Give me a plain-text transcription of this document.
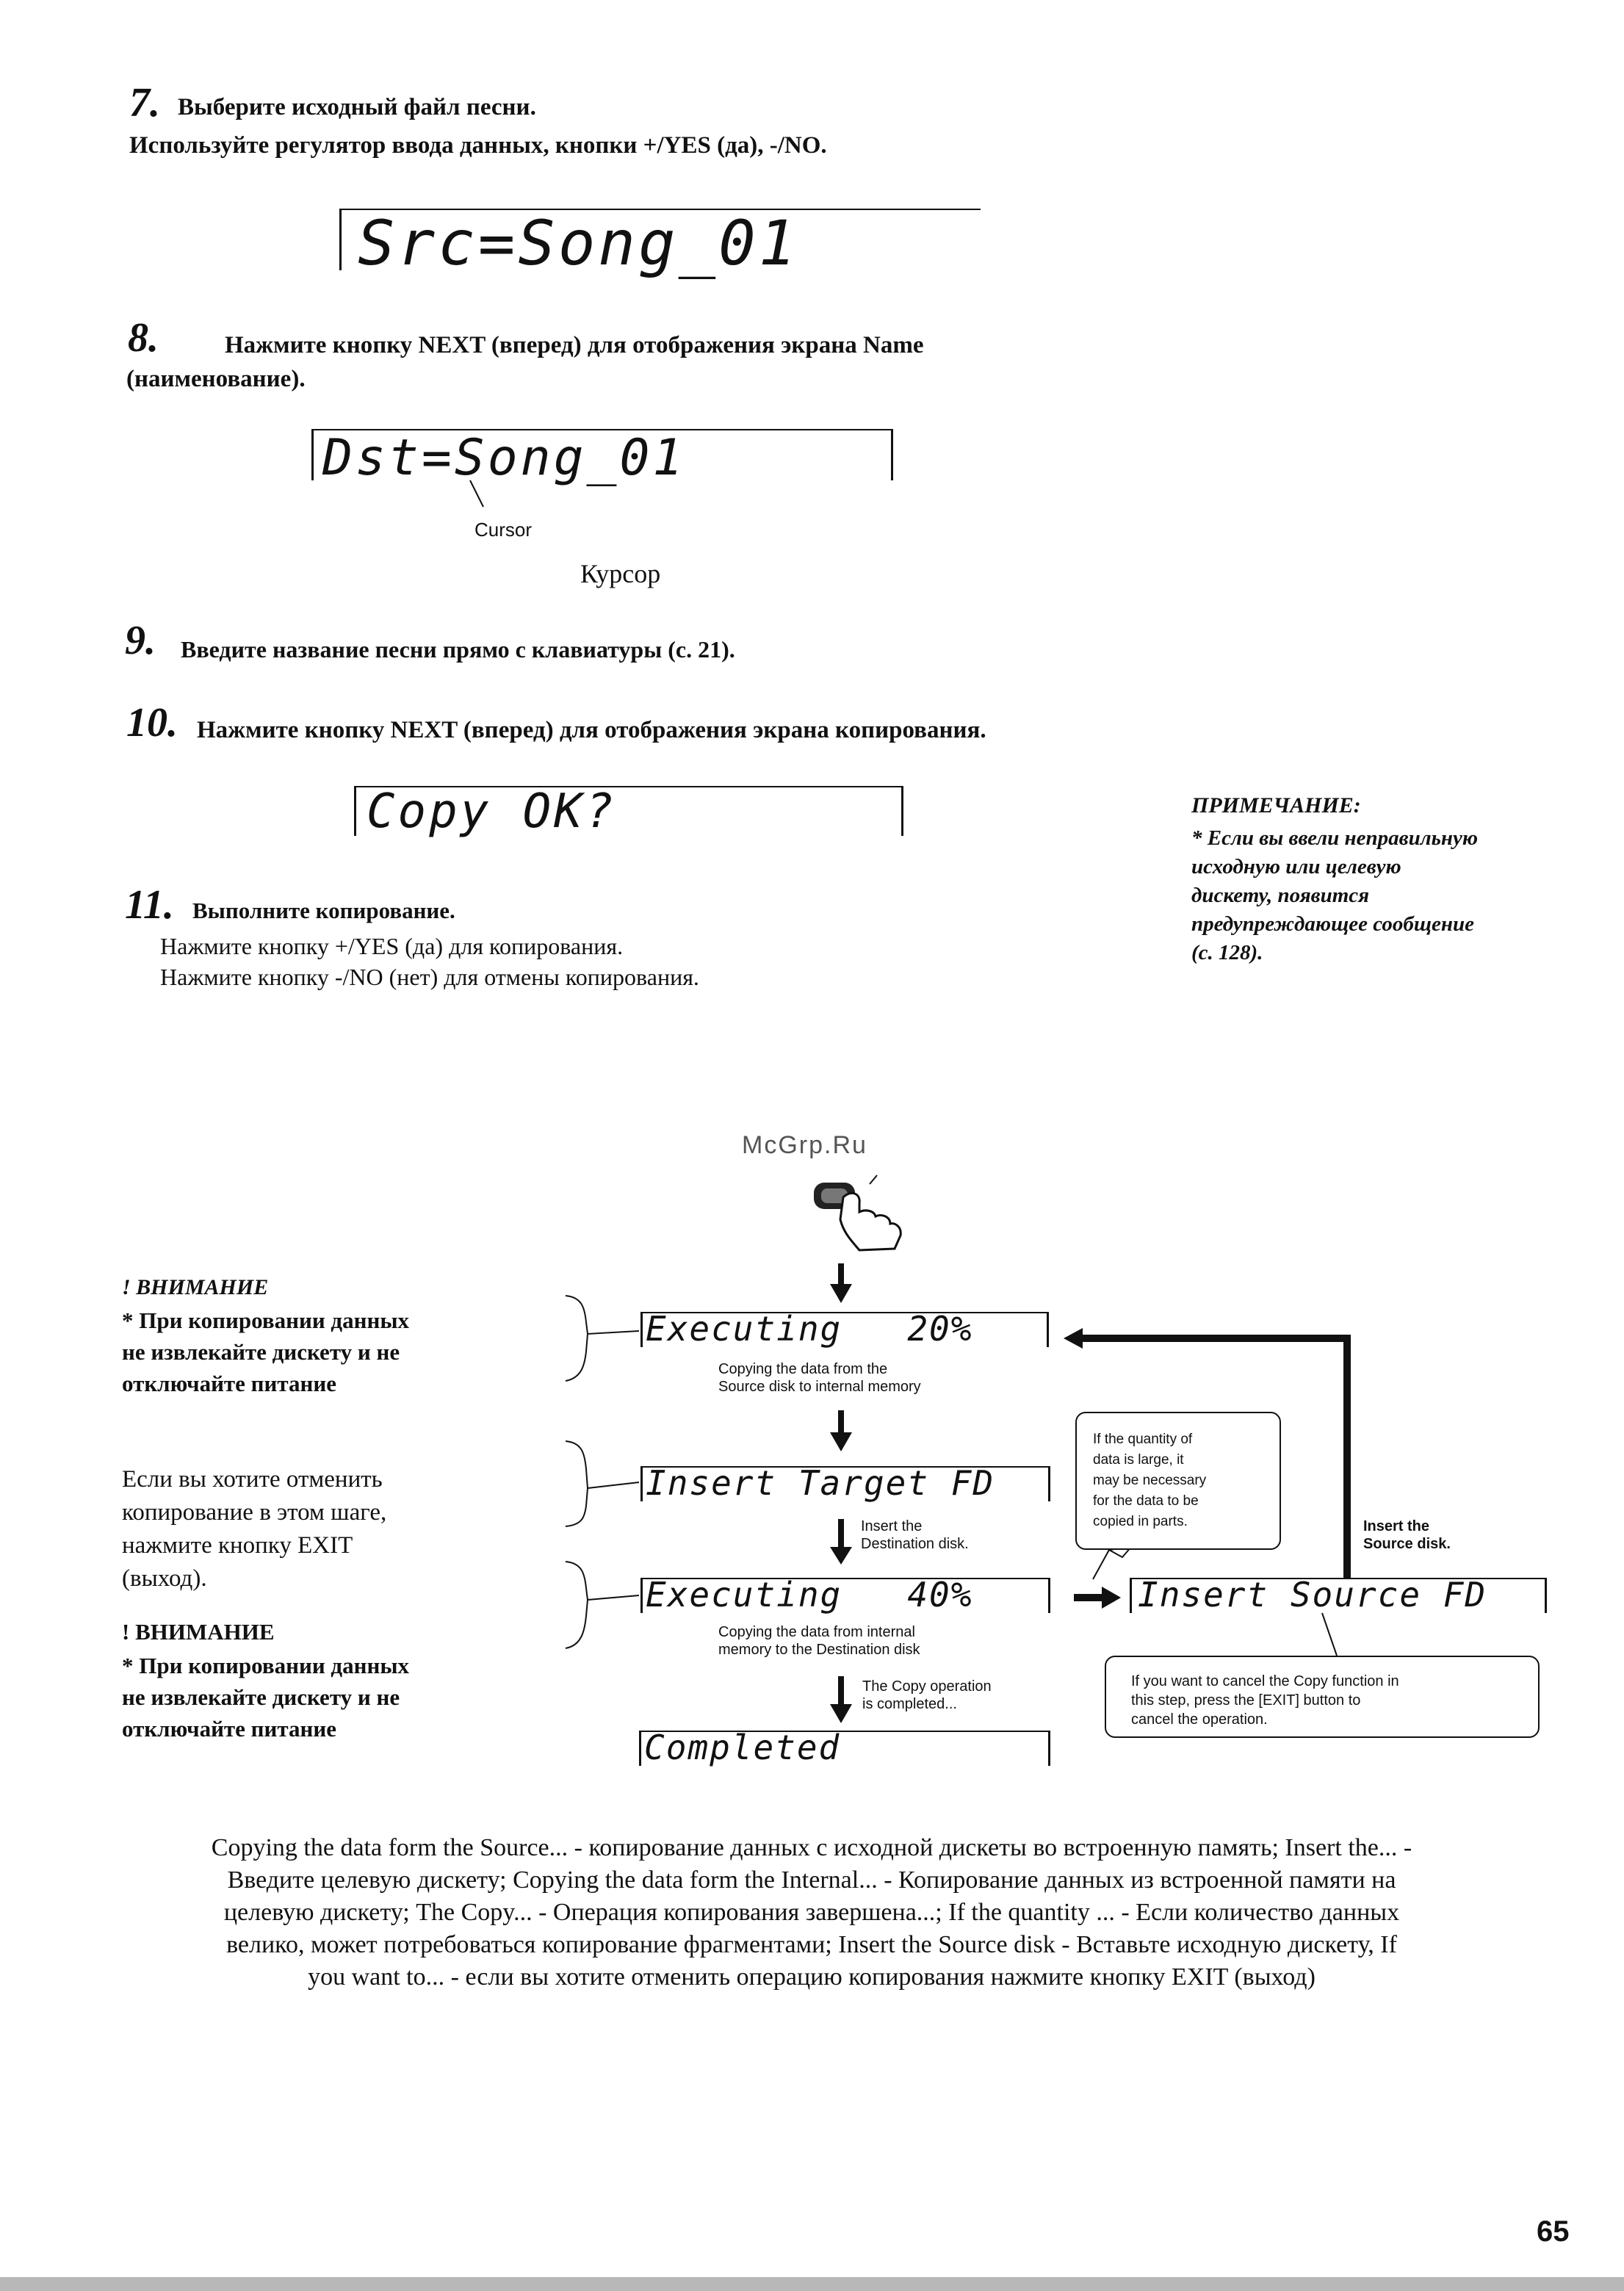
7. Выберите исходный файл песни.
Используйте регулятор ввода данных, кнопки +/YES (да), -/NO.
Src=Song_01
8.	Нажмите кнопку NEXT (вперед) для отображения экрана Name
(наименование).
Dst=Song_01
Cursor
Курсор
9. Введите название песни прямо с клавиатуры (с. 21).
10. Нажмите кнопку NEXT (вперед) для отображения экрана копирования.
Copy OK?	ПРИМЕЧАНИЕ:
* Если вы ввели неправильную
исходную или целевую
дискету, появится
предупреждающее сообщение
(с. 128).
11. Выполните копирование.
Нажмите кнопку +/YES (да) для копирования.
Нажмите кнопку -/NO (нет) для отмены копирования.
McGrp.Ru
! ВНИМАНИЕ
* При копировании данных
не извлекайте дискету и не
отключайте питание
Если вы хотите отменить
копирование в этом шаге,
нажмите кнопку EXIT
(выход).
! ВНИМАНИЕ
* При копировании данных
не извлекайте дискету и не
отключайте питание
Executing   20%
Copying the data from the
Source disk to internal memory
Insert Target FD
Insert the
Destination disk.
Executing   40%
Copying the data from internal
memory to the Destination disk
The Copy operation
is completed...
Completed
If the quantity of
data is large, it
may be necessary
for the data to be
copied in parts.	Insert the
Source disk.
Insert Source FD
If you want to cancel the Copy function in
this step, press the [EXIT] button to
cancel the operation.
Copying the data form the Source... - копирование данных с исходной дискеты во встроенную память; Insert the... -
Введите целевую дискету; Copying the data form the Internal... - Копирование данных из встроенной памяти на
целевую дискету; The Copy... - Операция копирования завершена...; If the quantity ... - Если количество данных
велико, может потребоваться копирование фрагментами; Insert the Source disk - Вставьте исходную дискету, If
you want to... - если вы хотите отменить операцию копирования нажмите кнопку EXIT (выход)
65
